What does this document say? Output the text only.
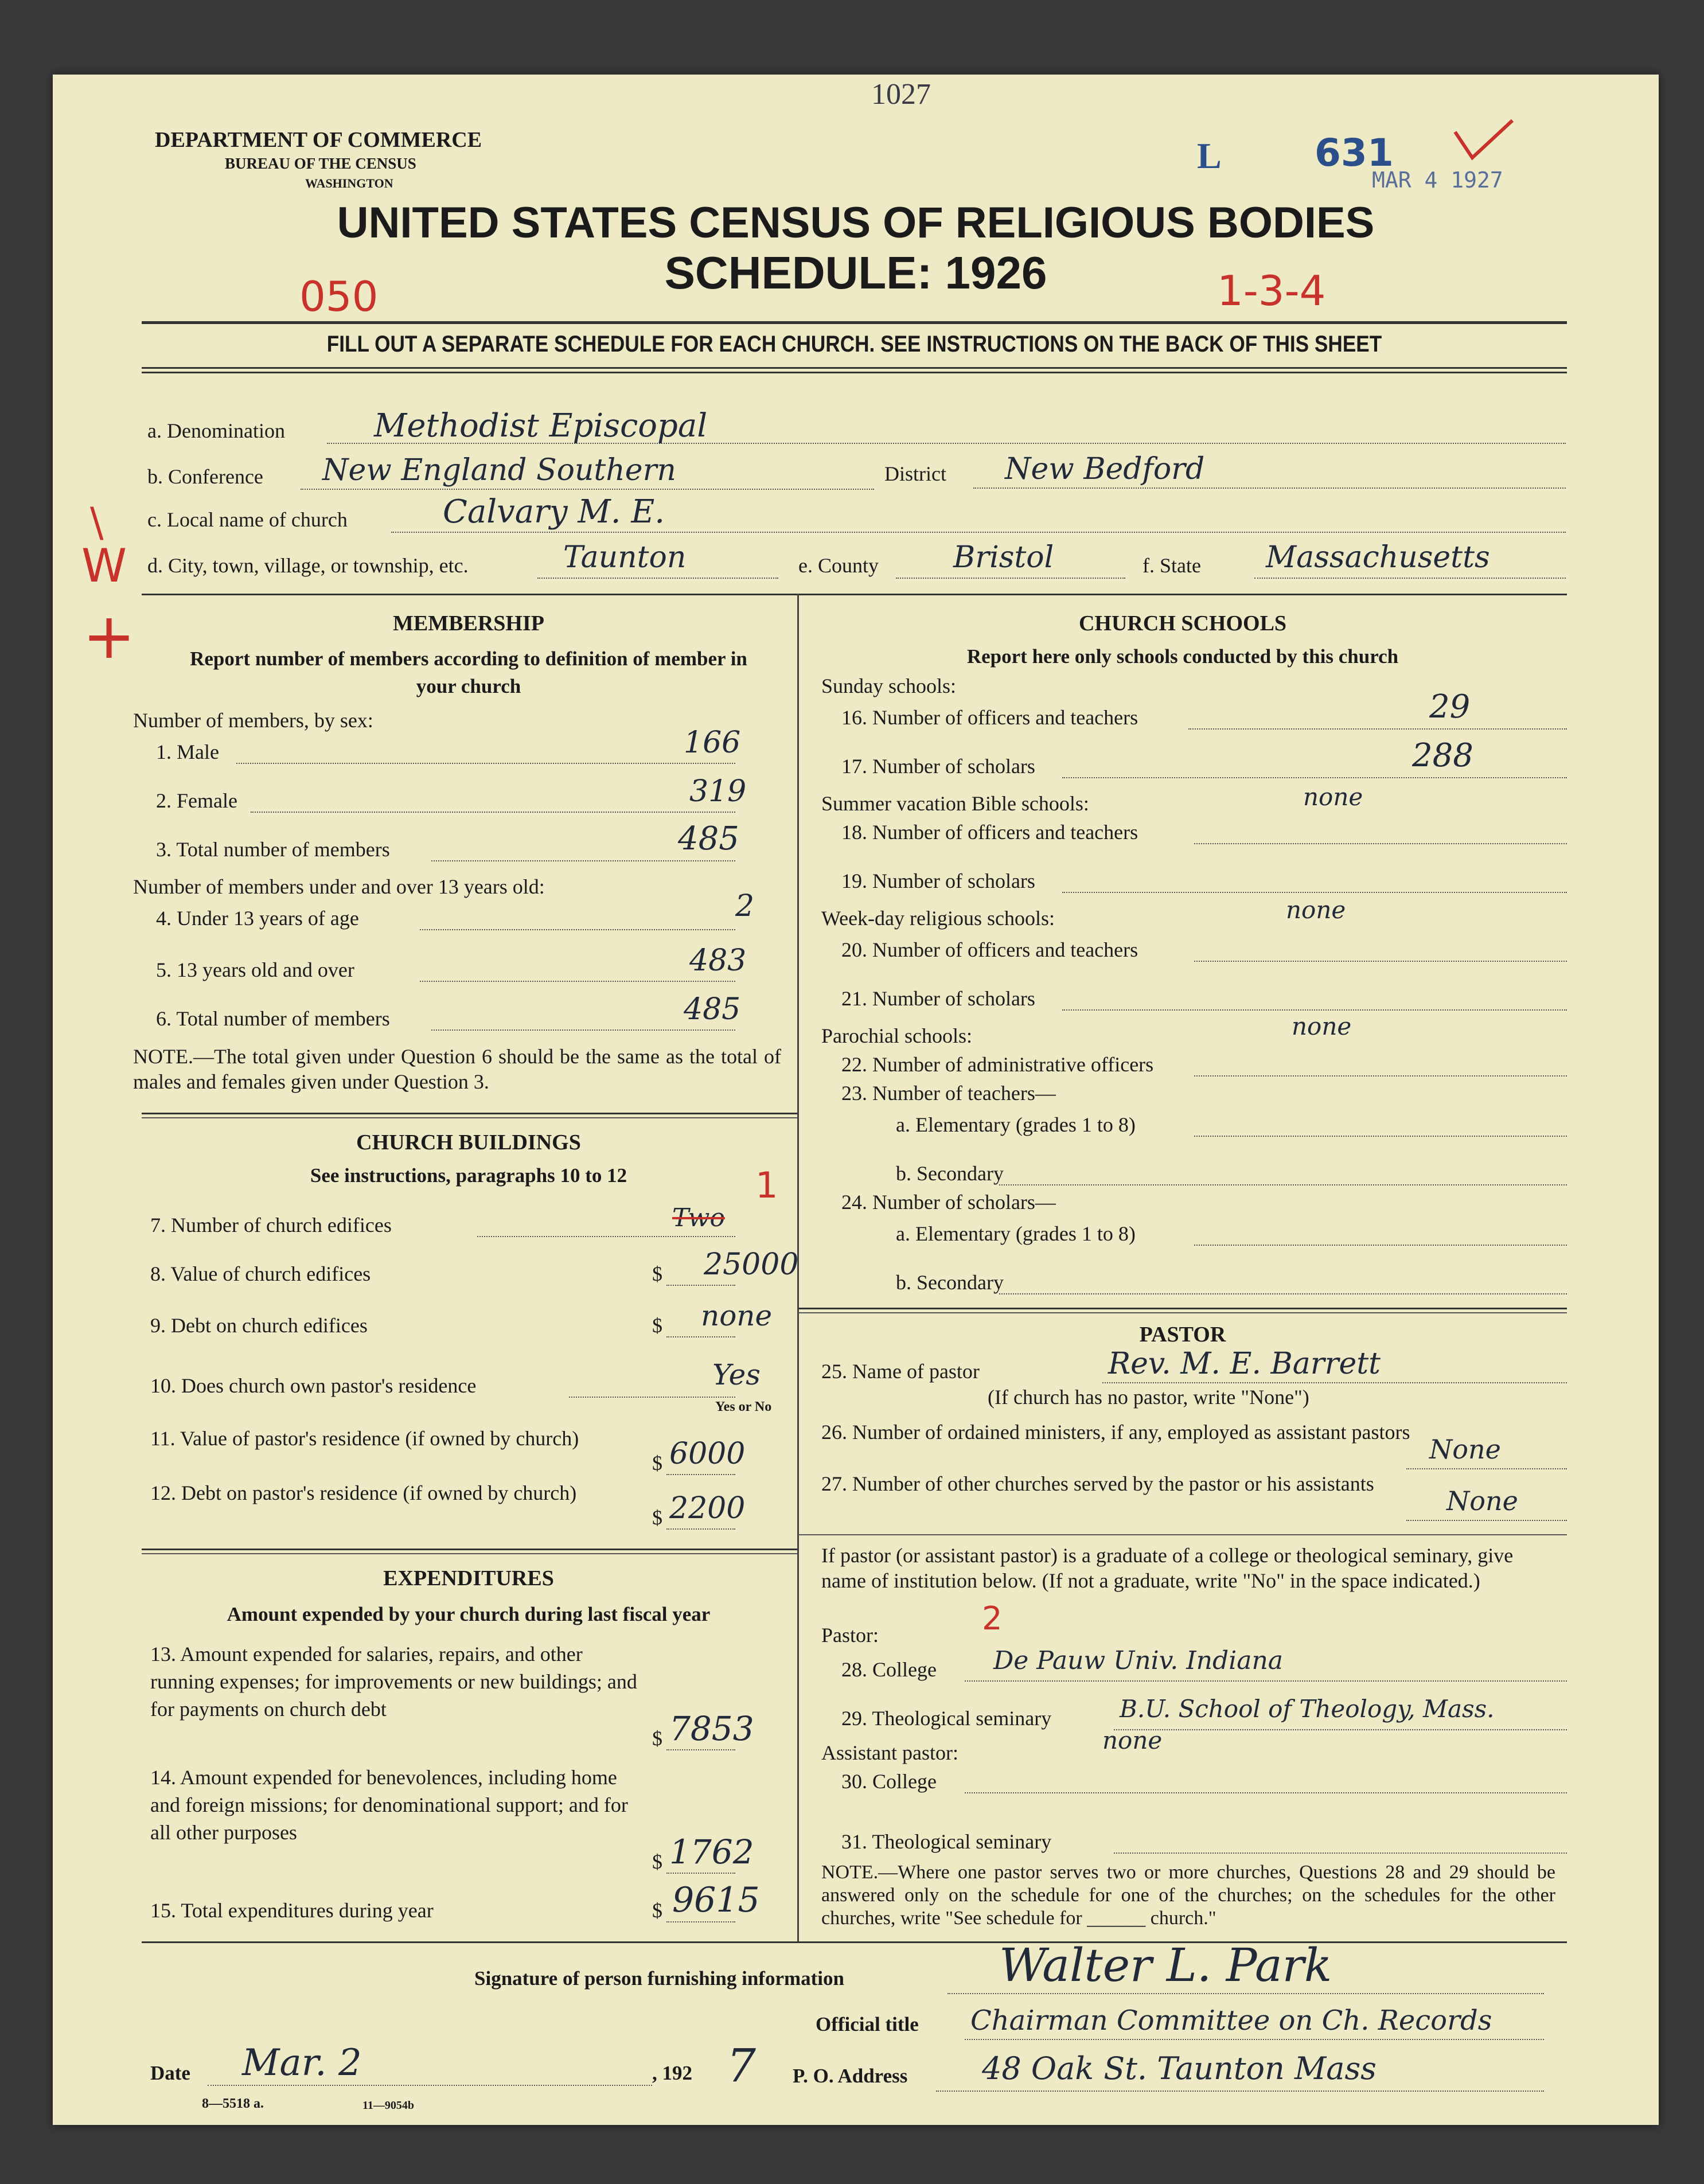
DEPARTMENT OF COMMERCE
BUREAU OF THE CENSUS
WASHINGTON
1027
L 631
MAR 4 1927
UNITED STATES CENSUS OF RELIGIOUS BODIES
SCHEDULE: 1926
050	1-3-4
FILL OUT A SEPARATE SCHEDULE FOR EACH CHURCH. SEE INSTRUCTIONS ON THE BACK OF THIS SHEET
\
W
+
a. Denomination	Methodist Episcopal
b. Conference New England Southern	District New Bedford
c. Local name of church	Calvary M. E.
d. City, town, village, or township, etc.	Taunton	e. County	Bristol	f. State Massachusetts
MEMBERSHIP
Report number of members according to definition of member in your church
Number of members, by sex:
1. Male	166
2. Female	319
3. Total number of members	485
Number of members under and over 13 years old:
4. Under 13 years of age	2
5. 13 years old and over	483
6. Total number of members	485
NOTE.—The total given under Question 6 should be the same as the total of males and females given under Question 3.
CHURCH BUILDINGS
See instructions, paragraphs 10 to 12	1
7. Number of church edifices	Two
8. Value of church edifices	$ 25000
9. Debt on church edifices	$ none
10. Does church own pastor's residence	Yes
Yes or No
11. Value of pastor's residence (if owned by church)
$ 6000
12. Debt on pastor's residence (if owned by church)
$ 2200
EXPENDITURES
Amount expended by your church during last fiscal year
13. Amount expended for salaries, repairs, and other running expenses; for improvements or new buildings; and for payments on church debt
$ 7853
14. Amount expended for benevolences, including home and foreign missions; for denominational support; and for all other purposes
$ 1762
15. Total expenditures during year	$ 9615
CHURCH SCHOOLS
Report here only schools conducted by this church
Sunday schools:
16. Number of officers and teachers	29
17. Number of scholars	288
Summer vacation Bible schools:	none
18. Number of officers and teachers
19. Number of scholars
Week-day religious schools:	none
20. Number of officers and teachers
21. Number of scholars
Parochial schools:	none
22. Number of administrative officers
23. Number of teachers—
a. Elementary (grades 1 to 8)
b. Secondary
24. Number of scholars—
a. Elementary (grades 1 to 8)
b. Secondary
PASTOR
25. Name of pastor	Rev. M. E. Barrett
(If church has no pastor, write "None")
26. Number of ordained ministers, if any, employed as assistant pastors
None
27. Number of other churches served by the pastor or his assistants
None
If pastor (or assistant pastor) is a graduate of a college or theological seminary, give name of institution below. (If not a graduate, write "No" in the space indicated.)
Pastor:	2
28. College De Pauw Univ. Indiana
29. Theological seminary	B.U. School of Theology, Mass.
Assistant pastor:	none
30. College
31. Theological seminary
NOTE.—Where one pastor serves two or more churches, Questions 28 and 29 should be answered only on the schedule for one of the churches; on the schedules for the other churches, write "See schedule for ______ church."
Signature of person furnishing information	Walter L. Park
Official title Chairman Committee on Ch. Records
Date Mar. 2	, 192 7 P. O. Address 48 Oak St. Taunton Mass
8—5518 a.	11—9054b
